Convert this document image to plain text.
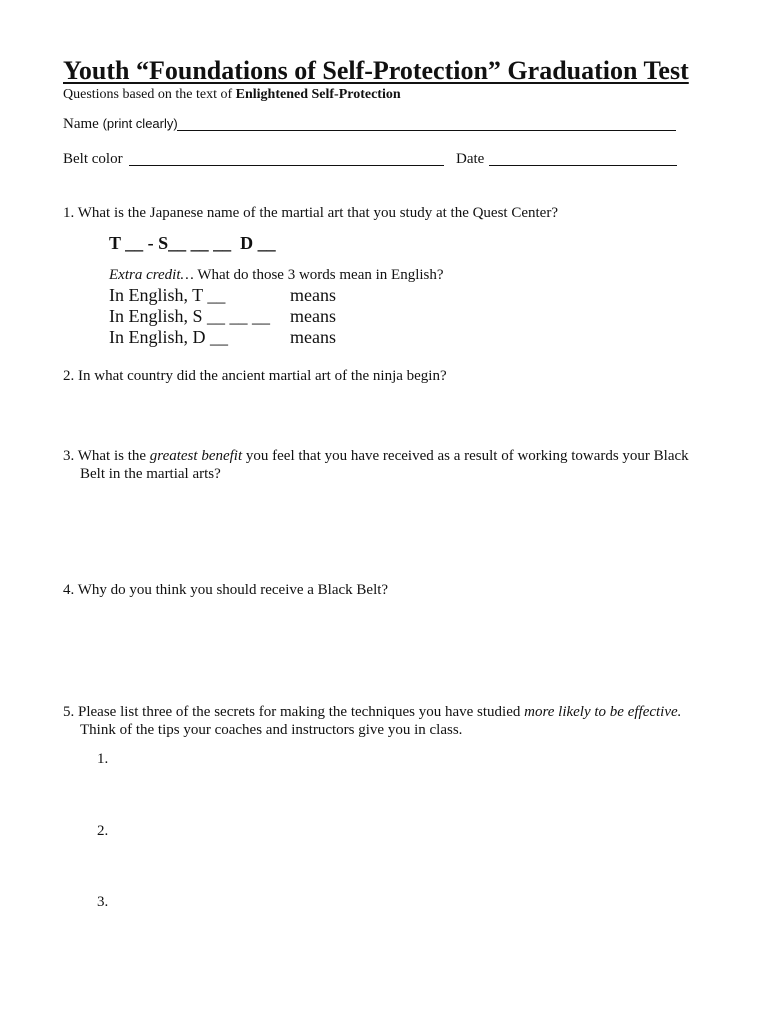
Youth “Foundations of Self-Protection” Graduation Test
Questions based on the text of Enlightened Self-Protection
Name (print clearly)
Belt color	Date
1. What is the Japanese name of the martial art that you study at the Quest Center?
T __ - S__ __ __  D __
Extra credit… What do those 3 words mean in English?
In English, T __	means
In English, S __ __ __ means
In English, D __	means
2. In what country did the ancient martial art of the ninja begin?
3. What is the greatest benefit you feel that you have received as a result of working towards your Black
Belt in the martial arts?
4. Why do you think you should receive a Black Belt?
5. Please list three of the secrets for making the techniques you have studied more likely to be effective.
Think of the tips your coaches and instructors give you in class.
1.
2.
3.
